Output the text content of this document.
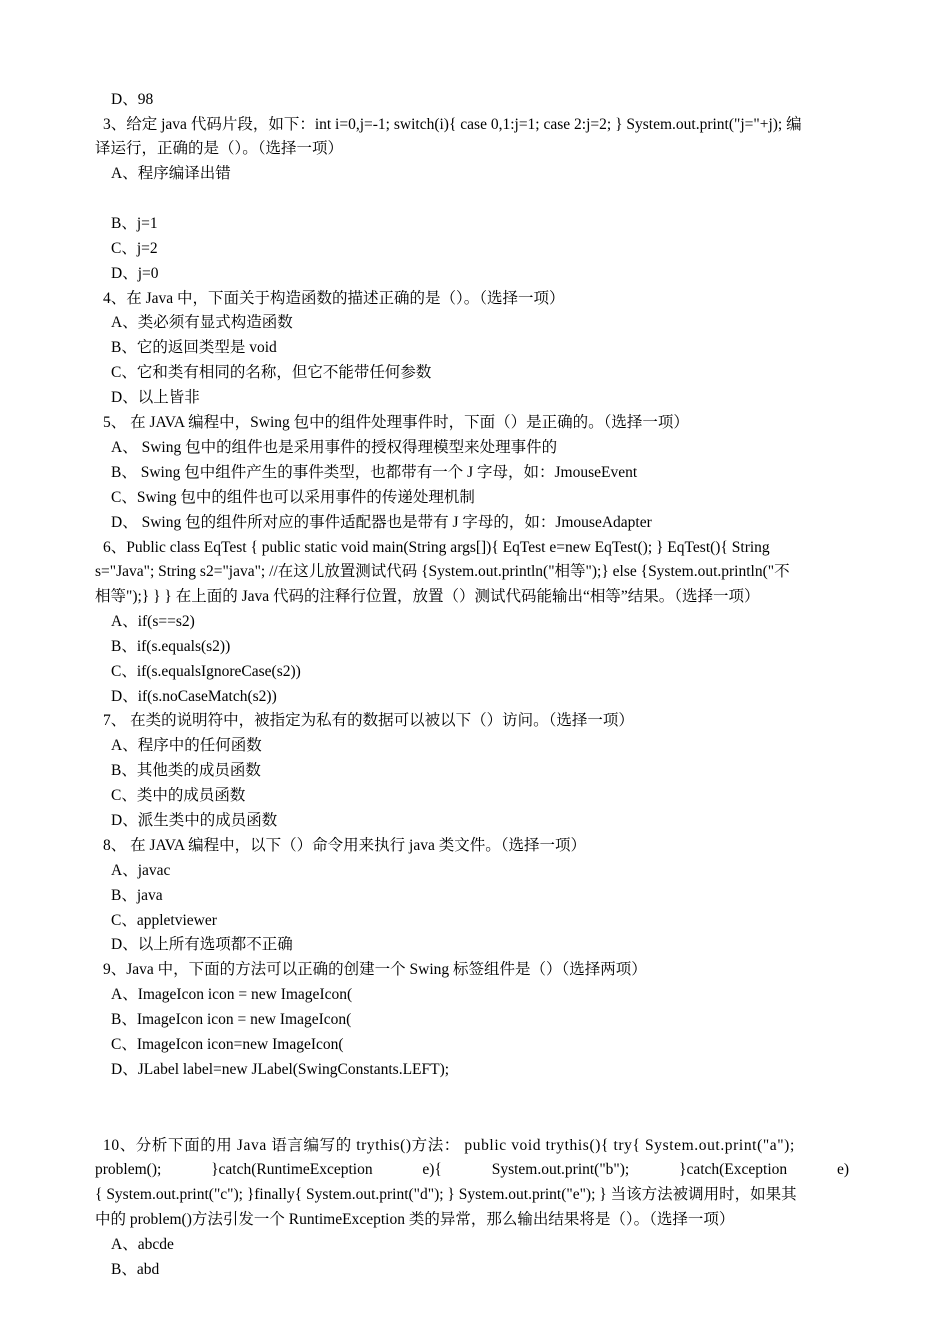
D、98
3、给定 java 代码片段，如下：int i=0,j=-1; switch(i){ case 0,1:j=1; case 2:j=2; } System.out.print("j="+j); 编
译运行，正确的是（）。（选择一项）
A、程序编译出错
B、j=1
C、j=2
D、j=0
4、在 Java 中，下面关于构造函数的描述正确的是（）。（选择一项）
A、类必须有显式构造函数
B、它的返回类型是 void
C、它和类有相同的名称，但它不能带任何参数
D、以上皆非
5、 在 JAVA 编程中，Swing 包中的组件处理事件时，下面（）是正确的。（选择一项）
A、 Swing 包中的组件也是采用事件的授权得理模型来处理事件的
B、 Swing 包中组件产生的事件类型，也都带有一个 J 字母，如：JmouseEvent
C、Swing 包中的组件也可以采用事件的传递处理机制
D、 Swing 包的组件所对应的事件适配器也是带有 J 字母的，如：JmouseAdapter
6、Public class EqTest { public static void main(String args[]){ EqTest e=new EqTest(); } EqTest(){ String
s="Java"; String s2="java"; //在这儿放置测试代码 {System.out.println("相等");} else {System.out.println("不
相等");} } } 在上面的 Java 代码的注释行位置，放置（）测试代码能输出“相等”结果。（选择一项）
A、if(s==s2)
B、if(s.equals(s2))
C、if(s.equalsIgnoreCase(s2))
D、if(s.noCaseMatch(s2))
7、 在类的说明符中，被指定为私有的数据可以被以下（）访问。（选择一项）
A、程序中的任何函数
B、其他类的成员函数
C、类中的成员函数
D、派生类中的成员函数
8、 在 JAVA 编程中，以下（）命令用来执行 java 类文件。（选择一项）
A、javac
B、java
C、appletviewer
D、以上所有选项都不正确
9、Java 中，下面的方法可以正确的创建一个 Swing 标签组件是（）（选择两项）
A、ImageIcon icon = new ImageIcon(
B、ImageIcon icon = new ImageIcon(
C、ImageIcon icon=new ImageIcon(
D、JLabel label=new JLabel(SwingConstants.LEFT);
10、分析下面的用 Java 语言编写的 trythis()方法： public void trythis(){ try{ System.out.print("a");
problem();	}catch(RuntimeException	e){	System.out.print("b");	}catch(Exception	e)
{ System.out.print("c"); }finally{ System.out.print("d"); } System.out.print("e"); } 当该方法被调用时，如果其
中的 problem()方法引发一个 RuntimeException 类的异常，那么输出结果将是（）。（选择一项）
A、abcde
B、abd
